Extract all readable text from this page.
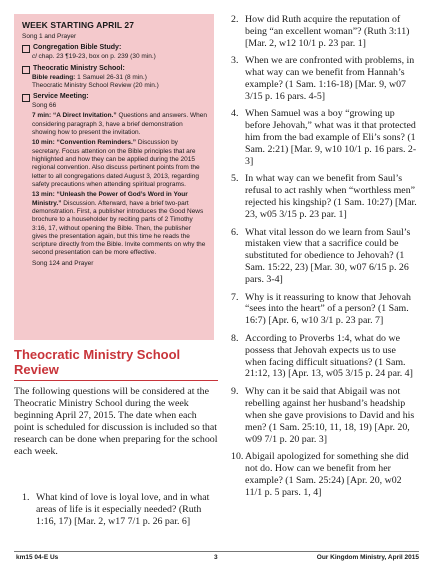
WEEK STARTING APRIL 27
Song 1 and Prayer
Congregation Bible Study:
cl chap. 23 ¶19-23, box on p. 239 (30 min.)
Theocratic Ministry School:
Bible reading: 1 Samuel 26-31 (8 min.)
Theocratic Ministry School Review (20 min.)
Service Meeting:
Song 66
7 min: “A Direct Invitation.” Questions and answers. When considering paragraph 3, have a brief demonstration showing how to present the invitation.
10 min: “Convention Reminders.” Discussion by secretary. Focus attention on the Bible principles that are highlighted and how they can be applied during the 2015 regional convention. Also discuss pertinent points from the letter to all congregations dated August 3, 2013, regarding safety precautions when attending spiritual programs.
13 min: “Unleash the Power of God’s Word in Your Ministry.” Discussion. Afterward, have a brief two-part demonstration. First, a publisher introduces the Good News brochure to a householder by reciting parts of 2 Timothy 3:16, 17, without opening the Bible. Then, the publisher gives the presentation again, but this time he reads the scripture directly from the Bible. Invite comments on why the second presentation can be more effective.
Song 124 and Prayer
Theocratic Ministry School
Review
The following questions will be considered at the Theocratic Ministry School during the week beginning April 27, 2015. The date when each point is scheduled for discussion is included so that research can be done when preparing for the school each week.
1. What kind of love is loyal love, and in what areas of life is it especially needed? (Ruth 1:16, 17) [Mar. 2, w17 7/1 p. 26 par. 6]
2. How did Ruth acquire the reputation of being “an excellent woman”? (Ruth 3:11) [Mar. 2, w12 10/1 p. 23 par. 1]
3. When we are confronted with problems, in what way can we benefit from Hannah’s example? (1 Sam. 1:16-18) [Mar. 9, w07 3/15 p. 16 pars. 4-5]
4. When Samuel was a boy “growing up before Jehovah,” what was it that protected him from the bad example of Eli’s sons? (1 Sam. 2:21) [Mar. 9, w10 10/1 p. 16 pars. 2-3]
5. In what way can we benefit from Saul’s refusal to act rashly when “worthless men” rejected his kingship? (1 Sam. 10:27) [Mar. 23, w05 3/15 p. 23 par. 1]
6. What vital lesson do we learn from Saul’s mistaken view that a sacrifice could be substituted for obedience to Jehovah? (1 Sam. 15:22, 23) [Mar. 30, w07 6/15 p. 26 pars. 3-4]
7. Why is it reassuring to know that Jehovah “sees into the heart” of a person? (1 Sam. 16:7) [Apr. 6, w10 3/1 p. 23 par. 7]
8. According to Proverbs 1:4, what do we possess that Jehovah expects us to use when facing difficult situations? (1 Sam. 21:12, 13) [Apr. 13, w05 3/15 p. 24 par. 4]
9. Why can it be said that Abigail was not rebelling against her husband’s headship when she gave provisions to David and his men? (1 Sam. 25:10, 11, 18, 19) [Apr. 20, w09 7/1 p. 20 par. 3]
10. Abigail apologized for something she did not do. How can we benefit from her example? (1 Sam. 25:24) [Apr. 20, w02 11/1 p. 5 pars. 1, 4]
km15 04-E Us	3	Our Kingdom Ministry, April 2015
